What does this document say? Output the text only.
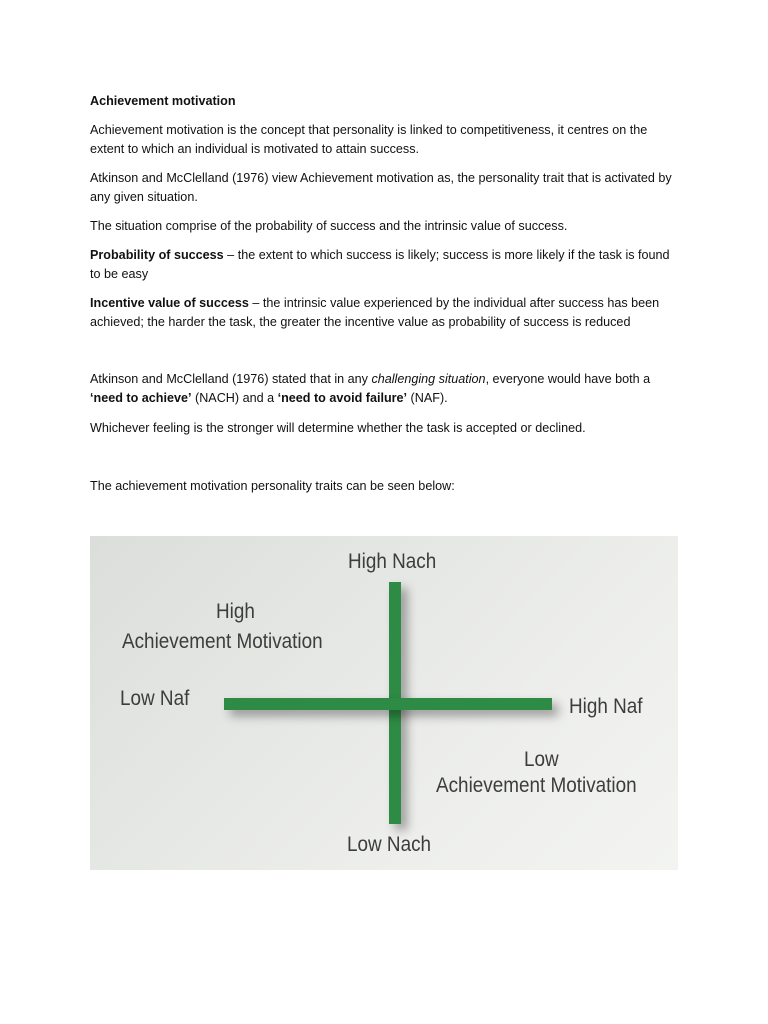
Achievement motivation

Achievement motivation is the concept that personality is linked to competitiveness, it centres on the extent to which an individual is motivated to attain success.

Atkinson and McClelland (1976) view Achievement motivation as, the personality trait that is activated by any given situation.

The situation comprise of the probability of success and the intrinsic value of success.

Probability of success – the extent to which success is likely; success is more likely if the task is found to be easy

Incentive value of success – the intrinsic value experienced by the individual after success has been achieved; the harder the task, the greater the incentive value as probability of success is reduced

Atkinson and McClelland (1976) stated that in any challenging situation, everyone would have both a ‘need to achieve’ (NACH) and a ‘need to avoid failure’ (NAF).

Whichever feeling is the stronger will determine whether the task is accepted or declined.

The achievement motivation personality traits can be seen below:

High Nach
Low Nach
Low Naf	High Naf
High
Achievement Motivation
Low
Achievement Motivation
